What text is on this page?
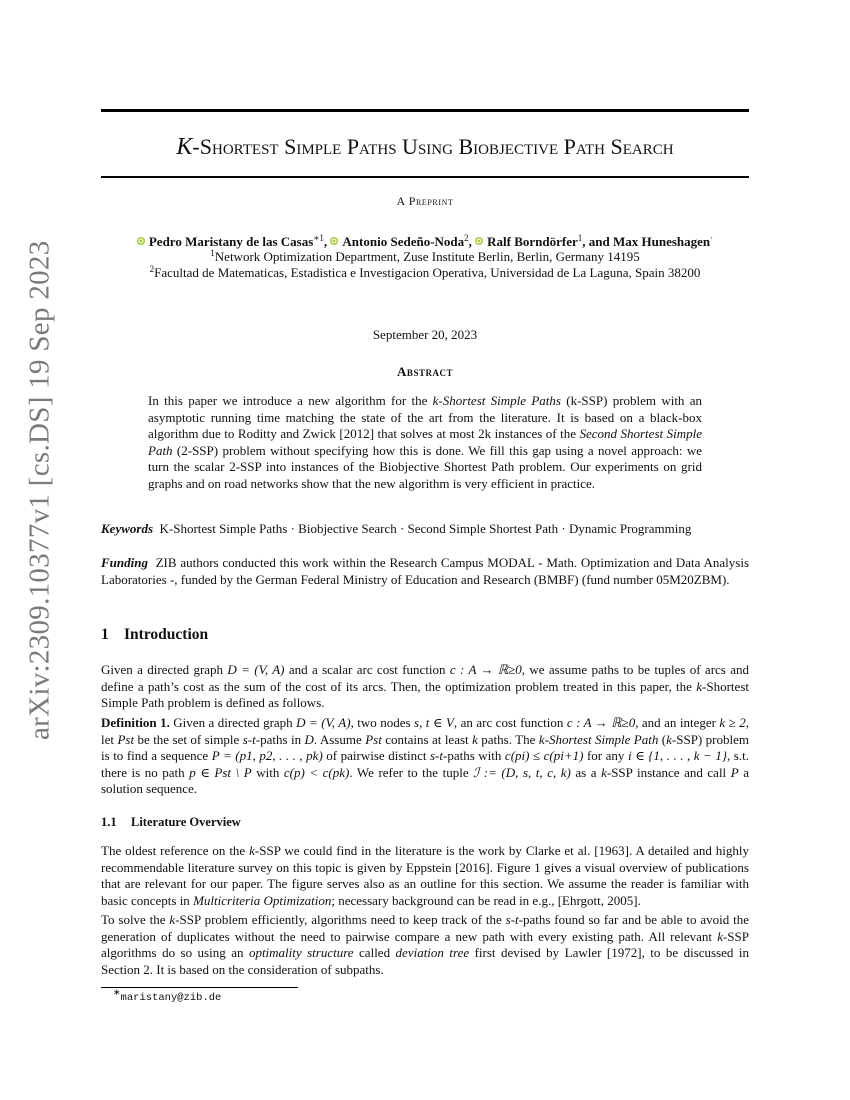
arXiv:2309.10377v1 [cs.DS] 19 Sep 2023
K-Shortest Simple Paths Using Biobjective Path Search
A Preprint
Pedro Maristany de las Casas$^{∗1}$, Antonio Sedeño-Noda$^2$, Ralf Borndörfer$^1$, and Max Huneshagen·
$^1$Network Optimization Department, Zuse Institute Berlin, Berlin, Germany 14195
$^2$Facultad de Matematicas, Estadistica e Investigacion Operativa, Universidad de La Laguna, Spain 38200
September 20, 2023
Abstract
In this paper we introduce a new algorithm for the k-Shortest Simple Paths (k-SSP) problem with an asymptotic running time matching the state of the art from the literature. It is based on a black-box algorithm due to Roditty and Zwick [2012] that solves at most 2k instances of the Second Shortest Simple Path (2-SSP) problem without specifying how this is done. We fill this gap using a novel approach: we turn the scalar 2-SSP into instances of the Biobjective Shortest Path problem. Our experiments on grid graphs and on road networks show that the new algorithm is very efficient in practice.
Keywords K-Shortest Simple Paths · Biobjective Search · Second Simple Shortest Path · Dynamic Programming
Funding ZIB authors conducted this work within the Research Campus MODAL - Math. Optimization and Data Analysis Laboratories -, funded by the German Federal Ministry of Education and Research (BMBF) (fund number 05M20ZBM).
1 Introduction
Given a directed graph D = (V, A) and a scalar arc cost function c : A → ℝ≥0, we assume paths to be tuples of arcs and define a path’s cost as the sum of the cost of its arcs. Then, the optimization problem treated in this paper, the k-Shortest Simple Path problem is defined as follows.
Definition 1. Given a directed graph D = (V, A), two nodes s, t ∈ V, an arc cost function c : A → ℝ≥0, and an integer k ≥ 2, let Pst be the set of simple s-t-paths in D. Assume Pst contains at least k paths. The k-Shortest Simple Path (k-SSP) problem is to find a sequence P = (p1, p2, . . . , pk) of pairwise distinct s-t-paths with c(pi) ≤ c(pi+1) for any i ∈ {1, . . . , k − 1}, s.t. there is no path p ∈ Pst \ P with c(p) < c(pk). We refer to the tuple ℐ := (D, s, t, c, k) as a k-SSP instance and call P a solution sequence.
1.1 Literature Overview
The oldest reference on the k-SSP we could find in the literature is the work by Clarke et al. [1963]. A detailed and highly recommendable literature survey on this topic is given by Eppstein [2016]. Figure 1 gives a visual overview of publications that are relevant for our paper. The figure serves also as an outline for this section. We assume the reader is familiar with basic concepts in Multicriteria Optimization; necessary background can be read in e.g., [Ehrgott, 2005].
To solve the k-SSP problem efficiently, algorithms need to keep track of the s-t-paths found so far and be able to avoid the generation of duplicates without the need to pairwise compare a new path with every existing path. All relevant k-SSP algorithms do so using an optimality structure called deviation tree first devised by Lawler [1972], to be discussed in Section 2. It is based on the consideration of subpaths.
∗maristany@zib.de
